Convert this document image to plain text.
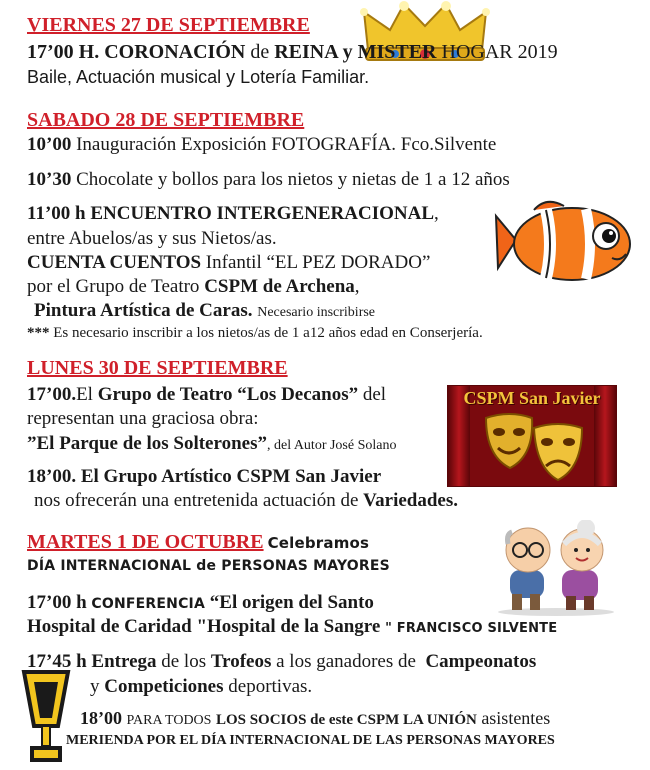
CSPM San Javier
VIERNES 27 DE SEPTIEMBRE
17’00 H. CORONACIÓN de REINA y MISTER HOGAR 2019
Baile, Actuación musical y Lotería Familiar.
SABADO 28 DE SEPTIEMBRE
10’00 Inauguración Exposición FOTOGRAFÍA. Fco.Silvente
10’30 Chocolate y bollos para los nietos y nietas de 1 a 12 años
11’00 h ENCUENTRO INTERGENERACIONAL,
entre Abuelos/as y sus Nietos/as.
CUENTA CUENTOS Infantil “EL PEZ DORADO”
por el Grupo de Teatro CSPM de Archena,
Pintura Artística de Caras. Necesario inscribirse
*** Es necesario inscribir a los nietos/as de 1 a12 años edad en Conserjería.
LUNES 30 DE SEPTIEMBRE
17’00.El Grupo de Teatro “Los Decanos” del
representan una graciosa obra:
”El Parque de los Solterones”, del Autor José Solano
18’00. El Grupo Artístico CSPM San Javier
nos ofrecerán una entretenida actuación de Variedades.
MARTES 1 DE OCTUBRE Celebramos
DÍA INTERNACIONAL de PERSONAS MAYORES
17’00 h CONFERENCIA “El origen del Santo
Hospital de Caridad "Hospital de la Sangre " FRANCISCO SILVENTE
17’45 h Entrega de los Trofeos a los ganadores de Campeonatos
y Competiciones deportivas.
18’00 PARA TODOS LOS SOCIOS de este CSPM LA UNIÓN asistentes
MERIENDA POR EL DÍA INTERNACIONAL DE LAS PERSONAS MAYORES
